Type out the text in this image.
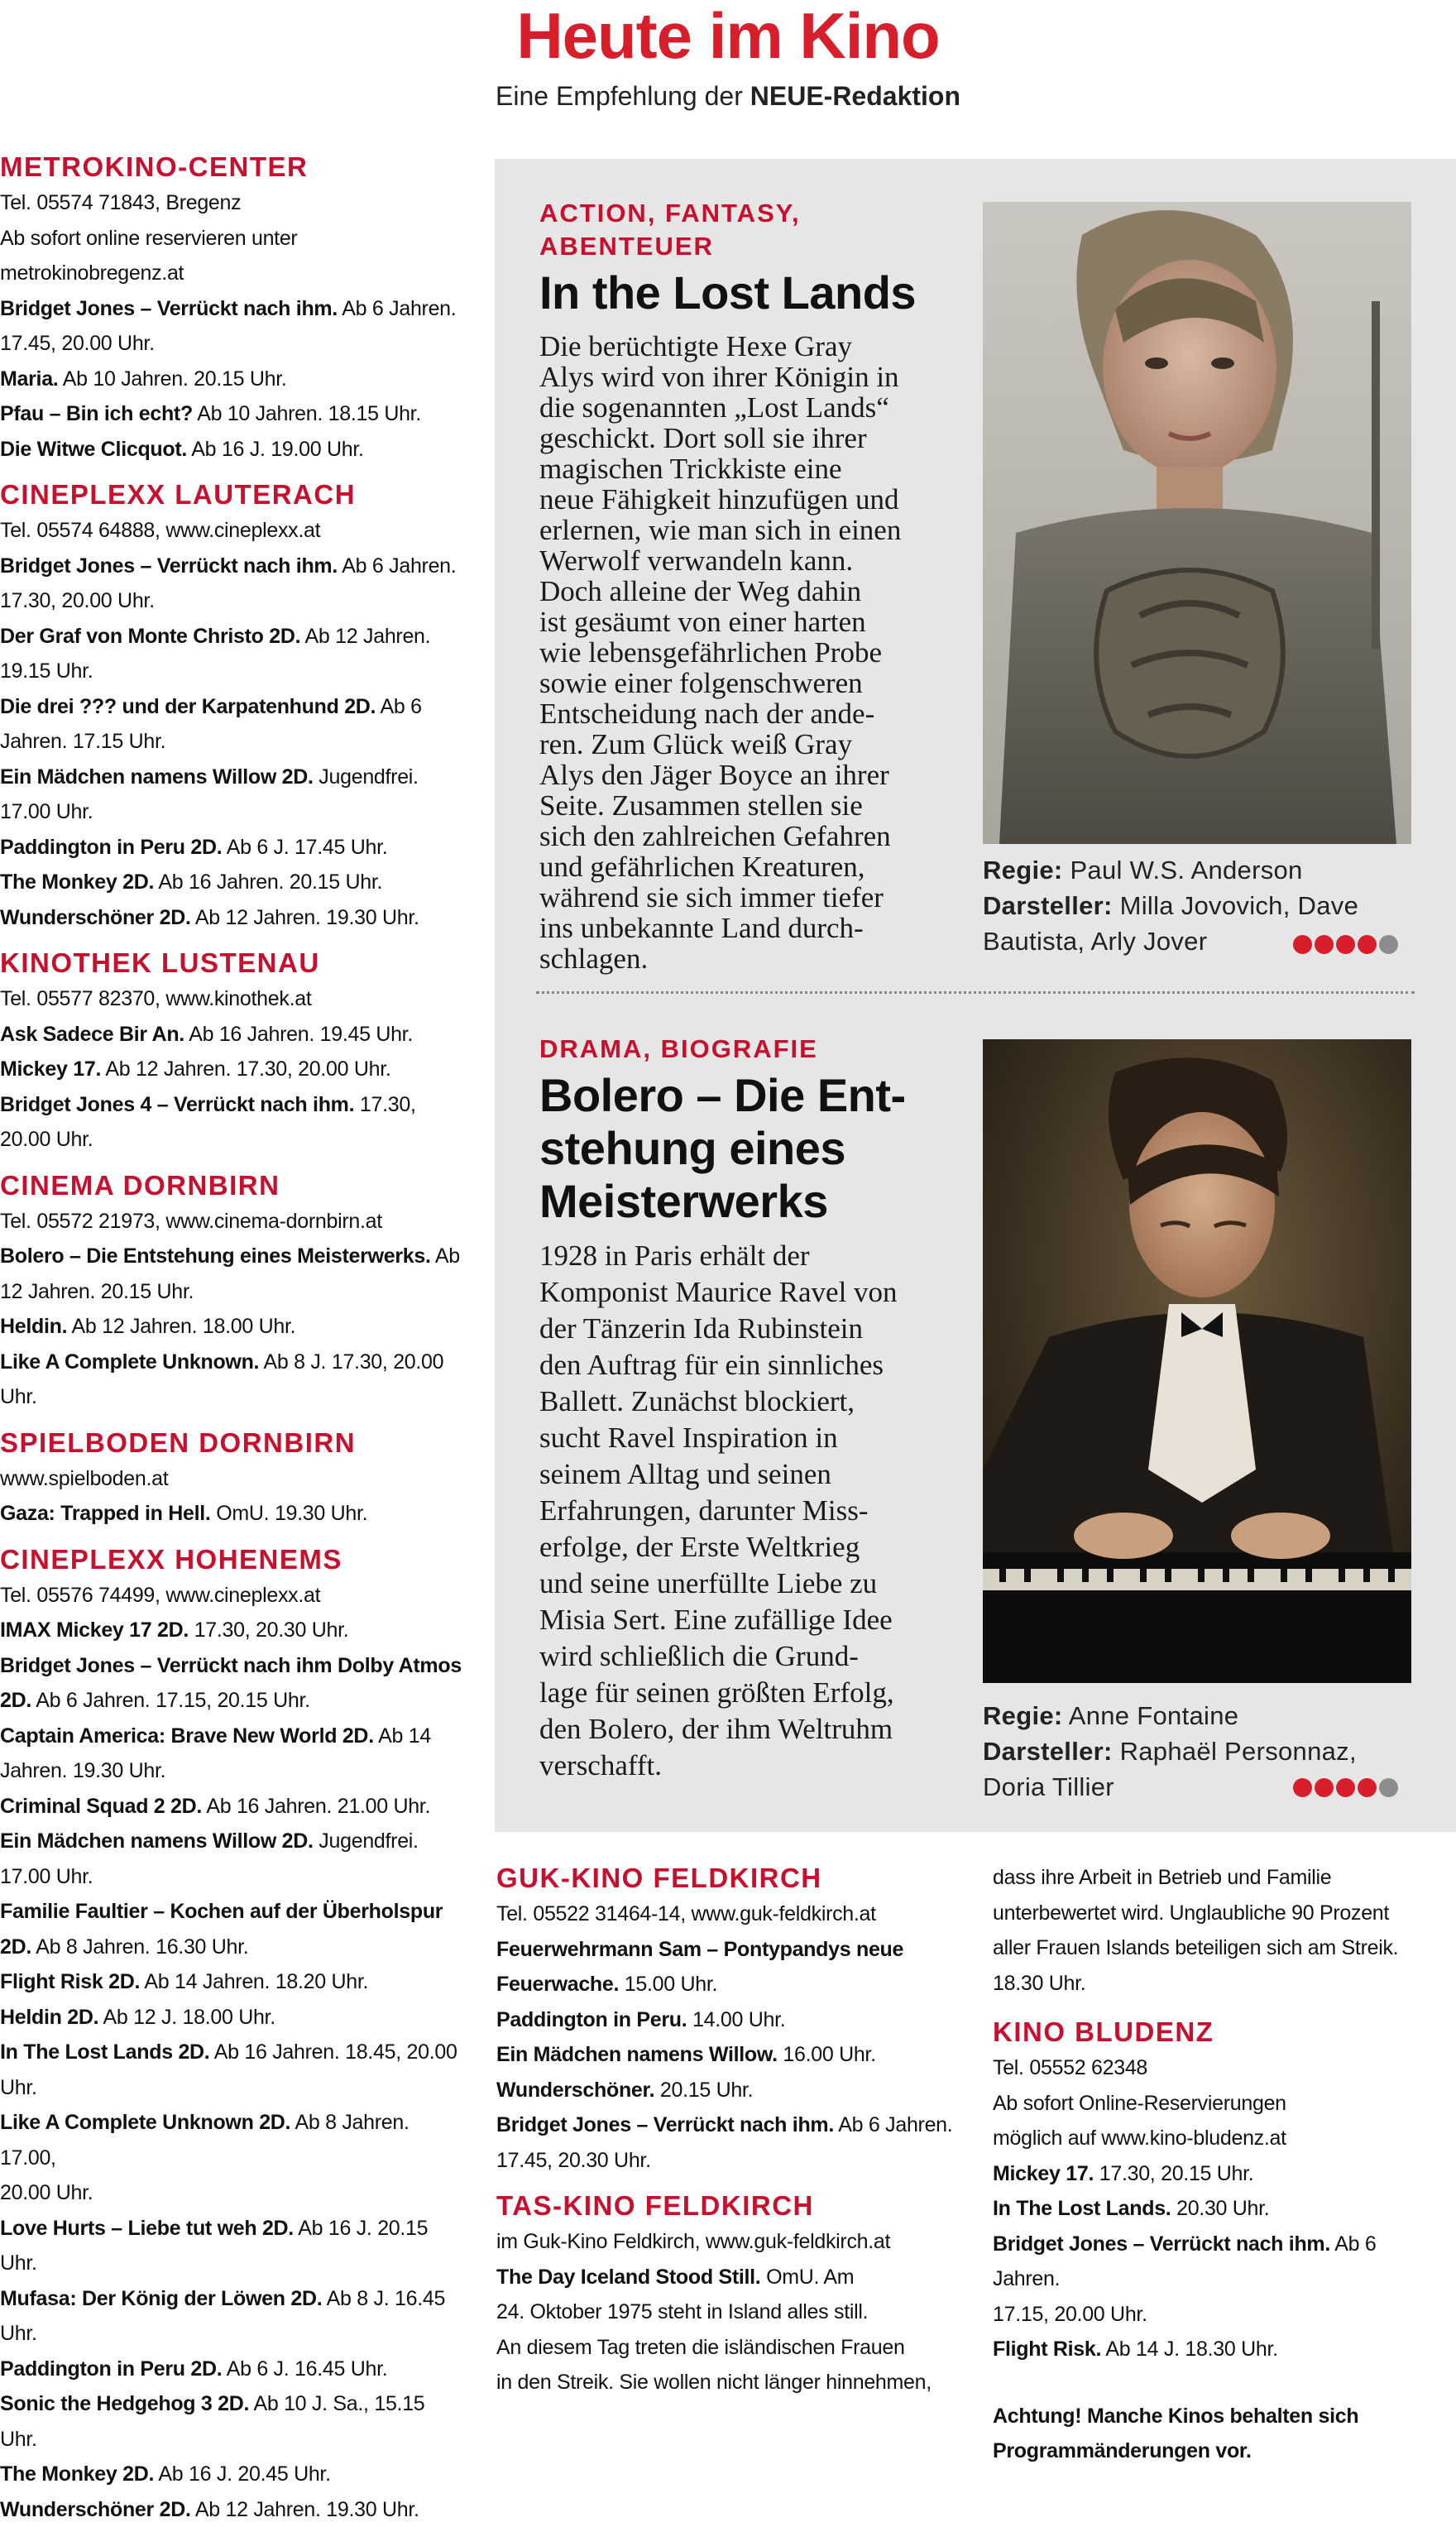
Heute im Kino
Eine Empfehlung der NEUE-Redaktion
METROKINO-CENTER

Tel. 05574 71843, Bregenz

Ab sofort online reservieren unter

metrokinobregenz.at

Bridget Jones – Verrückt nach ihm. Ab 6 Jahren.

17.45, 20.00 Uhr.

Maria. Ab 10 Jahren. 20.15 Uhr.

Pfau – Bin ich echt? Ab 10 Jahren. 18.15 Uhr.

Die Witwe Clicquot. Ab 16 J. 19.00 Uhr.

CINEPLEXX LAUTERACH

Tel. 05574 64888, www.cineplexx.at

Bridget Jones – Verrückt nach ihm. Ab 6 Jahren.

17.30, 20.00 Uhr.

Der Graf von Monte Christo 2D. Ab 12 Jahren.

19.15 Uhr.

Die drei ??? und der Karpatenhund 2D. Ab 6

Jahren. 17.15 Uhr.

Ein Mädchen namens Willow 2D. Jugendfrei.

17.00 Uhr.

Paddington in Peru 2D. Ab 6 J. 17.45 Uhr.

The Monkey 2D. Ab 16 Jahren. 20.15 Uhr.

Wunderschöner 2D. Ab 12 Jahren. 19.30 Uhr.

KINOTHEK LUSTENAU

Tel. 05577 82370, www.kinothek.at

Ask Sadece Bir An. Ab 16 Jahren. 19.45 Uhr.

Mickey 17. Ab 12 Jahren. 17.30, 20.00 Uhr.

Bridget Jones 4 – Verrückt nach ihm. 17.30,

20.00 Uhr.

CINEMA DORNBIRN

Tel. 05572 21973, www.cinema-dornbirn.at

Bolero – Die Entstehung eines Meisterwerks. Ab

12 Jahren. 20.15 Uhr.

Heldin. Ab 12 Jahren. 18.00 Uhr.

Like A Complete Unknown. Ab 8 J. 17.30, 20.00

Uhr.

SPIELBODEN DORNBIRN

www.spielboden.at

Gaza: Trapped in Hell. OmU. 19.30 Uhr.

CINEPLEXX HOHENEMS

Tel. 05576 74499, www.cineplexx.at

IMAX Mickey 17 2D. 17.30, 20.30 Uhr.

Bridget Jones – Verrückt nach ihm Dolby Atmos

2D. Ab 6 Jahren. 17.15, 20.15 Uhr.

Captain America: Brave New World 2D. Ab 14

Jahren. 19.30 Uhr.

Criminal Squad 2 2D. Ab 16 Jahren. 21.00 Uhr.

Ein Mädchen namens Willow 2D. Jugendfrei.

17.00 Uhr.

Familie Faultier – Kochen auf der Überholspur

2D. Ab 8 Jahren. 16.30 Uhr.

Flight Risk 2D. Ab 14 Jahren. 18.20 Uhr.

Heldin 2D. Ab 12 J. 18.00 Uhr.

In The Lost Lands 2D. Ab 16 Jahren. 18.45, 20.00

Uhr.

Like A Complete Unknown 2D. Ab 8 Jahren. 17.00,

20.00 Uhr.

Love Hurts – Liebe tut weh 2D. Ab 16 J. 20.15 Uhr.

Mufasa: Der König der Löwen 2D. Ab 8 J. 16.45 Uhr.

Paddington in Peru 2D. Ab 6 J. 16.45 Uhr.

Sonic the Hedgehog 3 2D. Ab 10 J. Sa., 15.15 Uhr.

The Monkey 2D. Ab 16 J. 20.45 Uhr.

Wunderschöner 2D. Ab 12 Jahren. 19.30 Uhr.

ACTION, FANTASY, ABENTEUER
In the Lost Lands
Die berüchtigte Hexe Gray
Alys wird von ihrer Königin in
die sogenannten „Lost Lands“
geschickt. Dort soll sie ihrer
magischen Trickkiste eine
neue Fähigkeit hinzufügen und
erlernen, wie man sich in einen
Werwolf verwandeln kann.
Doch alleine der Weg dahin
ist gesäumt von einer harten
wie lebensgefährlichen Probe
sowie einer folgenschweren
Entscheidung nach der ande-
ren. Zum Glück weiß Gray
Alys den Jäger Boyce an ihrer
Seite. Zusammen stellen sie
sich den zahlreichen Gefahren
und gefährlichen Kreaturen,
während sie sich immer tiefer
ins unbekannte Land durch-
schlagen.
Regie: Paul W.S. Anderson
Darsteller: Milla Jovovich, Dave
Bautista, Arly Jover
DRAMA, BIOGRAFIE
Bolero – Die Ent-
stehung eines
Meisterwerks
1928 in Paris erhält der
Komponist Maurice Ravel von
der Tänzerin Ida Rubinstein
den Auftrag für ein sinnliches
Ballett. Zunächst blockiert,
sucht Ravel Inspiration in
seinem Alltag und seinen
Erfahrungen, darunter Miss-
erfolge, der Erste Weltkrieg
und seine unerfüllte Liebe zu
Misia Sert. Eine zufällige Idee
wird schließlich die Grund-
lage für seinen größten Erfolg,
den Bolero, der ihm Weltruhm
verschafft.
Regie: Anne Fontaine
Darsteller: Raphaël Personnaz,
Doria Tillier
GUK-KINO FELDKIRCH

Tel. 05522 31464-14, www.guk-feldkirch.at

Feuerwehrmann Sam – Pontypandys neue

Feuerwache. 15.00 Uhr.

Paddington in Peru. 14.00 Uhr.

Ein Mädchen namens Willow. 16.00 Uhr.

Wunderschöner. 20.15 Uhr.

Bridget Jones – Verrückt nach ihm. Ab 6 Jahren.

17.45, 20.30 Uhr.

TAS-KINO FELDKIRCH

im Guk-Kino Feldkirch, www.guk-feldkirch.at

The Day Iceland Stood Still. OmU. Am

24. Oktober 1975 steht in Island alles still.

An diesem Tag treten die isländischen Frauen

in den Streik. Sie wollen nicht länger hinnehmen,

dass ihre Arbeit in Betrieb und Familie

unterbewertet wird. Unglaubliche 90 Prozent

aller Frauen Islands beteiligen sich am Streik.

18.30 Uhr.

KINO BLUDENZ

Tel. 05552 62348

Ab sofort Online-Reservierungen

möglich auf www.kino-bludenz.at

Mickey 17. 17.30, 20.15 Uhr.

In The Lost Lands. 20.30 Uhr.

Bridget Jones – Verrückt nach ihm. Ab 6 Jahren.

17.15, 20.00 Uhr.

Flight Risk. Ab 14 J. 18.30 Uhr.

Achtung! Manche Kinos behalten sich

Programmänderungen vor.
